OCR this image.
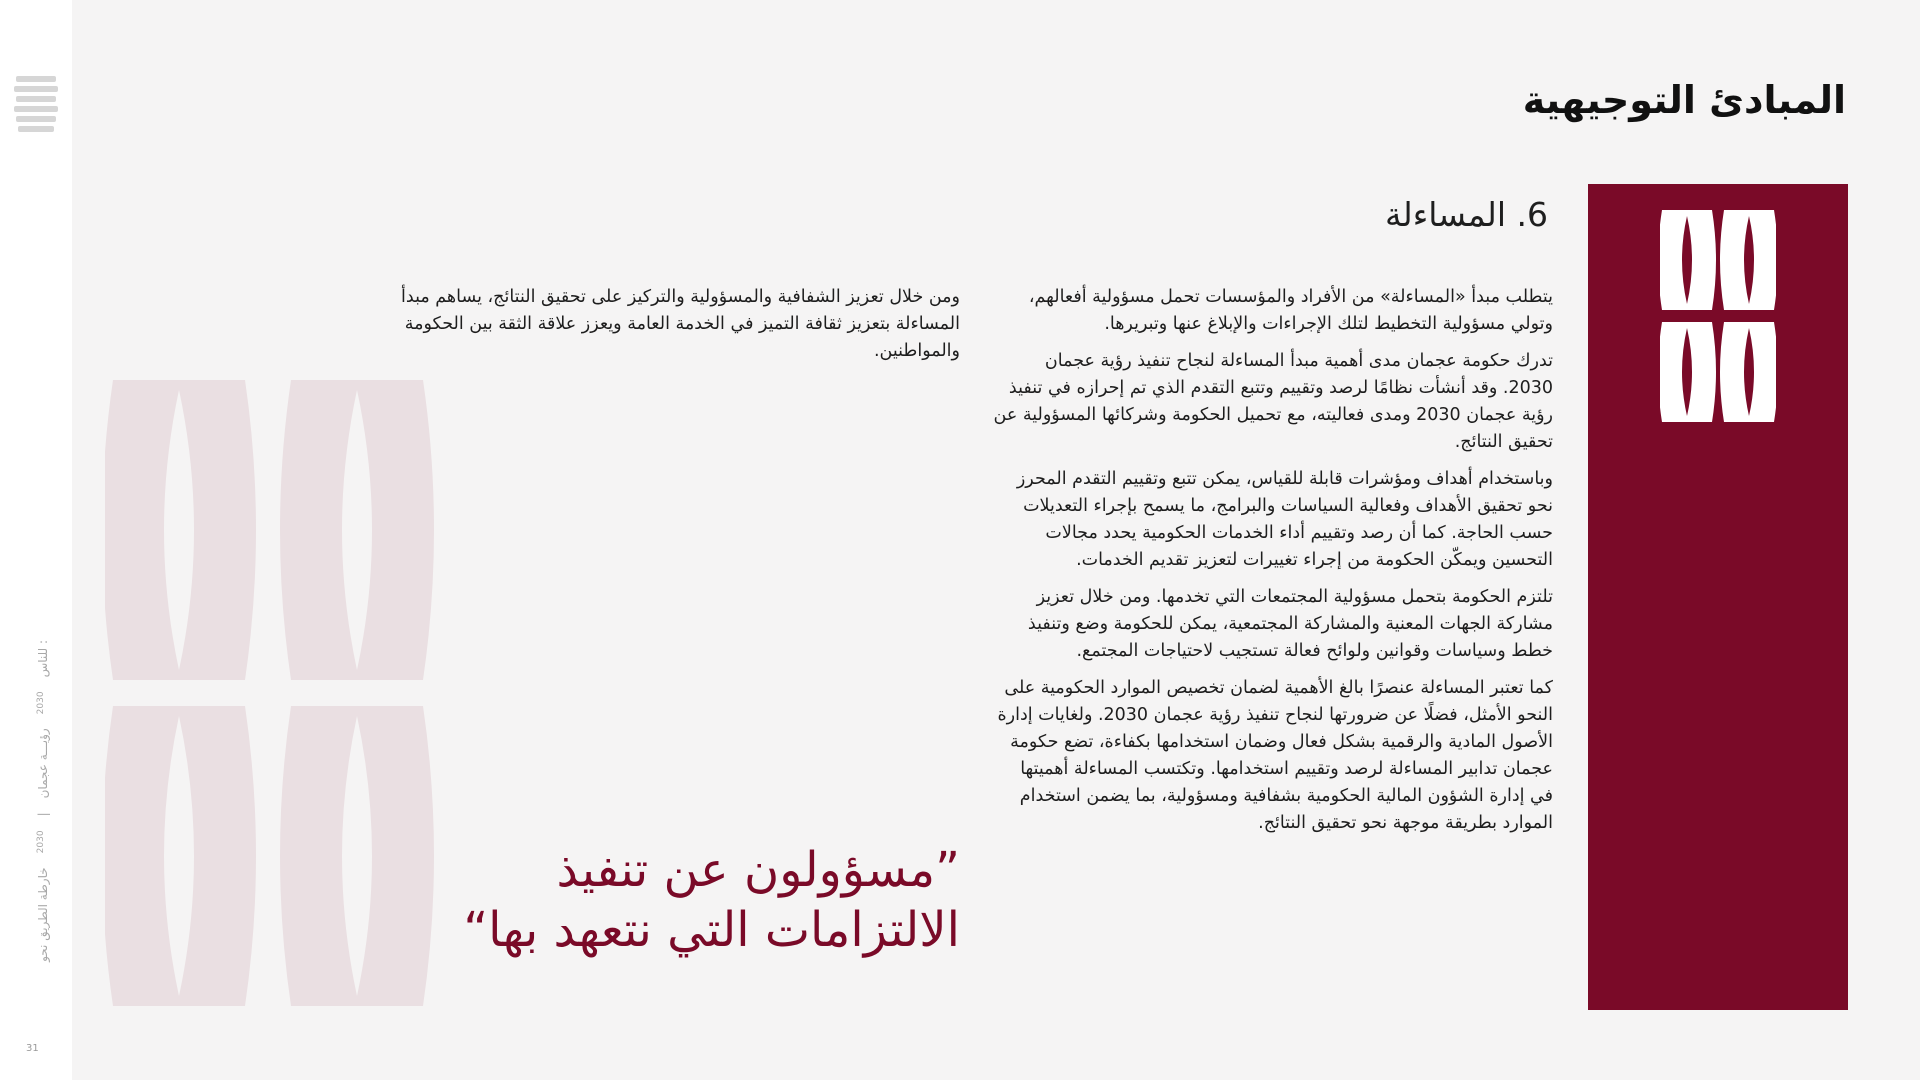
خارطة الطريق نحو
2030
|
رؤيـــة عجمان
2030
: للناس
31
المبادئ التوجيهية
6. المساءلة

يتطلب مبدأ «المساءلة» من الأفراد والمؤسسات تحمل مسؤولية أفعالهم، وتولي مسؤولية التخطيط لتلك الإجراءات والإبلاغ عنها وتبريرها.

تدرك حكومة عجمان مدى أهمية مبدأ المساءلة لنجاح تنفيذ رؤية عجمان 2030. وقد أنشأت نظامًا لرصد وتقييم وتتبع التقدم الذي تم إحرازه في تنفيذ رؤية عجمان 2030 ومدى فعاليته، مع تحميل الحكومة وشركائها المسؤولية عن تحقيق النتائج.

وباستخدام أهداف ومؤشرات قابلة للقياس، يمكن تتبع وتقييم التقدم المحرز نحو تحقيق الأهداف وفعالية السياسات والبرامج، ما يسمح بإجراء التعديلات حسب الحاجة. كما أن رصد وتقييم أداء الخدمات الحكومية يحدد مجالات التحسين ويمكّن الحكومة من إجراء تغييرات لتعزيز تقديم الخدمات.

تلتزم الحكومة بتحمل مسؤولية المجتمعات التي تخدمها. ومن خلال تعزيز مشاركة الجهات المعنية والمشاركة المجتمعية، يمكن للحكومة وضع وتنفيذ خطط وسياسات وقوانين ولوائح فعالة تستجيب لاحتياجات المجتمع.

كما تعتبر المساءلة عنصرًا بالغ الأهمية لضمان تخصيص الموارد الحكومية على النحو الأمثل، فضلًا عن ضرورتها لنجاح تنفيذ رؤية عجمان 2030. ولغايات إدارة الأصول المادية والرقمية بشكل فعال وضمان استخدامها بكفاءة، تضع حكومة عجمان تدابير المساءلة لرصد وتقييم استخدامها. وتكتسب المساءلة أهميتها في إدارة الشؤون المالية الحكومية بشفافية ومسؤولية، بما يضمن استخدام الموارد بطريقة موجهة نحو تحقيق النتائج.

ومن خلال تعزيز الشفافية والمسؤولية والتركيز على تحقيق النتائج، يساهم مبدأ المساءلة بتعزيز ثقافة التميز في الخدمة العامة ويعزز علاقة الثقة بين الحكومة والمواطنين.

”مسؤولون عن تنفيذ الالتزامات التي نتعهد بها“
